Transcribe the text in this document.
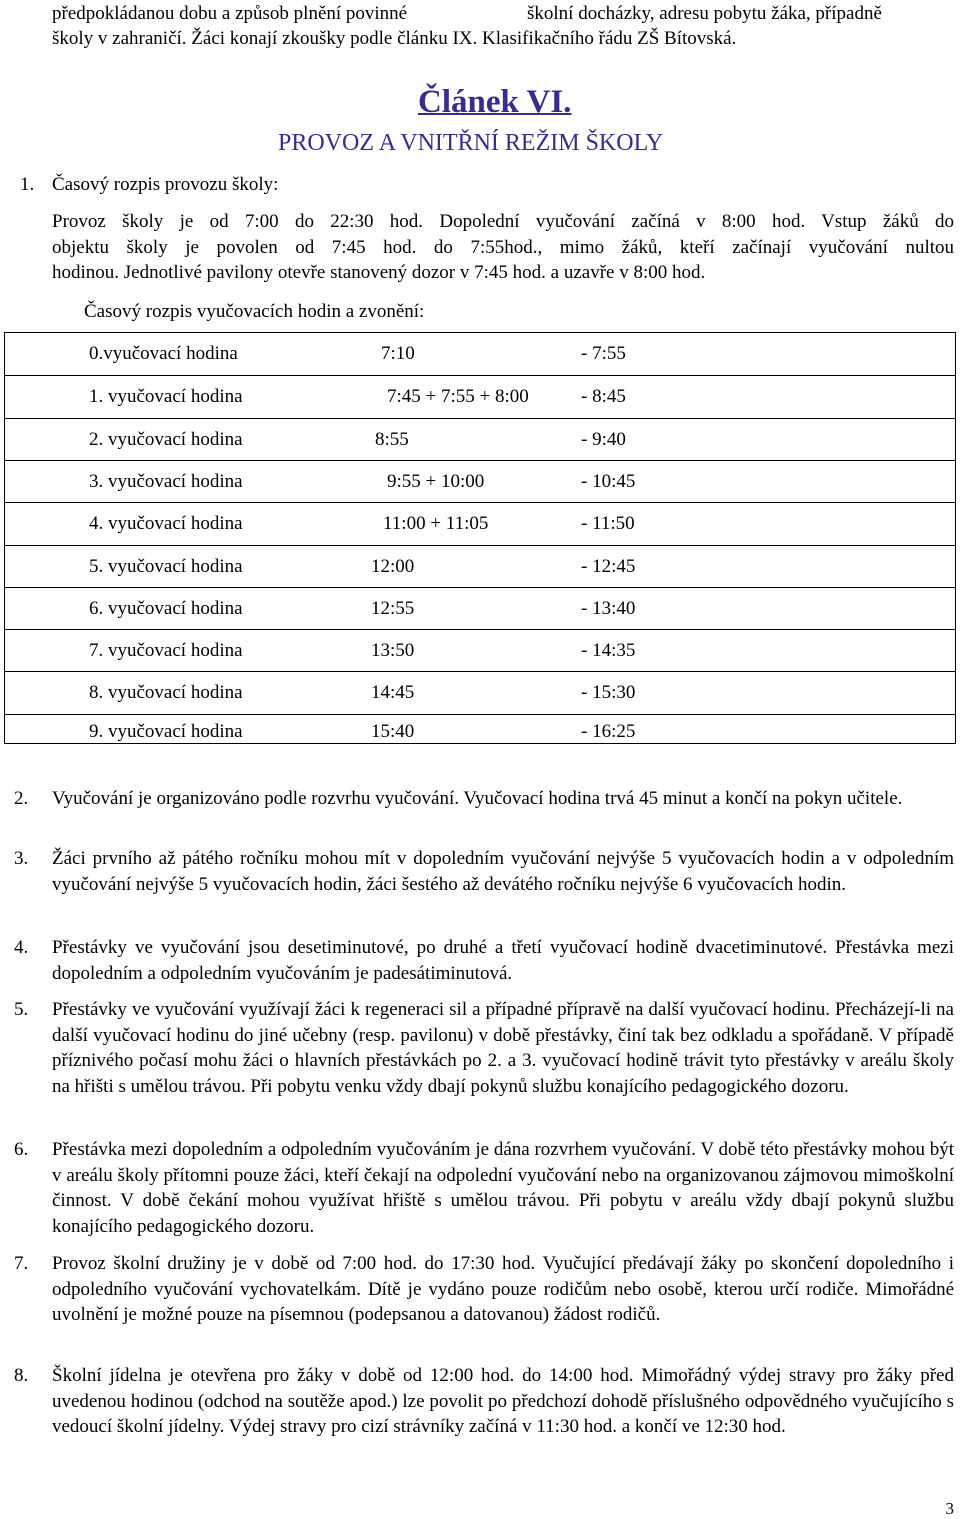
předpokládanou dobu a způsob plnění povinné	školní docházky, adresu pobytu žáka, případně
školy v zahraničí. Žáci konají zkoušky podle článku IX. Klasifikačního řádu ZŠ Bítovská.
Článek VI.
PROVOZ A VNITŘNÍ REŽIM ŠKOLY
1. Časový rozpis provozu školy:
Provoz školy je od 7:00 do 22:30 hod. Dopolední vyučování začíná v 8:00 hod. Vstup žáků do
objektu školy je povolen od 7:45 hod. do 7:55hod., mimo žáků, kteří začínají vyučování nultou
hodinou. Jednotlivé pavilony otevře stanovený dozor v 7:45 hod. a uzavře v 8:00 hod.
Časový rozpis vyučovacích hodin a zvonění:
0.vyučovací hodina	7:10	- 7:55
1. vyučovací hodina	7:45 + 7:55 + 8:00	- 8:45
2. vyučovací hodina	8:55	- 9:40
3. vyučovací hodina	9:55 + 10:00	- 10:45
4. vyučovací hodina	11:00 + 11:05	- 11:50
5. vyučovací hodina	12:00	- 12:45
6. vyučovací hodina	12:55	- 13:40
7. vyučovací hodina	13:50	- 14:35
8. vyučovací hodina	14:45	- 15:30
9. vyučovací hodina	15:40	- 16:25
2. Vyučování je organizováno podle rozvrhu vyučování. Vyučovací hodina trvá 45 minut a končí na pokyn učitele.
3. Žáci prvního až pátého ročníku mohou mít v dopoledním vyučování nejvýše 5 vyučovacích hodin a v odpoledním vyučování nejvýše 5 vyučovacích hodin, žáci šestého až devátého ročníku nejvýše 6 vyučovacích hodin.
4. Přestávky ve vyučování jsou desetiminutové, po druhé a třetí vyučovací hodině dvacetiminutové. Přestávka mezi dopoledním a odpoledním vyučováním je padesátiminutová.
5. Přestávky ve vyučování využívají žáci k regeneraci sil a případné přípravě na další vyučovací hodinu. Přecházejí-li na další vyučovací hodinu do jiné učebny (resp. pavilonu) v době přestávky, činí tak bez odkladu a spořádaně. V případě příznivého počasí mohu žáci o hlavních přestávkách po 2. a 3. vyučovací hodině trávit tyto přestávky v areálu školy na hřišti s umělou trávou. Při pobytu venku vždy dbají pokynů službu konajícího pedagogického dozoru.
6. Přestávka mezi dopoledním a odpoledním vyučováním je dána rozvrhem vyučování. V době této přestávky mohou být v areálu školy přítomni pouze žáci, kteří čekají na odpolední vyučování nebo na organizovanou zájmovou mimoškolní činnost. V době čekání mohou využívat hřiště s umělou trávou. Při pobytu v areálu vždy dbají pokynů službu konajícího pedagogického dozoru.
7. Provoz školní družiny je v době od 7:00 hod. do 17:30 hod. Vyučující předávají žáky po skončení dopoledního i odpoledního vyučování vychovatelkám. Dítě je vydáno pouze rodičům nebo osobě, kterou určí rodiče. Mimořádné uvolnění je možné pouze na písemnou (podepsanou a datovanou) žádost rodičů.
8. Školní jídelna je otevřena pro žáky v době od 12:00 hod. do 14:00 hod. Mimořádný výdej stravy pro žáky před uvedenou hodinou (odchod na soutěže apod.) lze povolit po předchozí dohodě příslušného odpovědného vyučujícího s vedoucí školní jídelny. Výdej stravy pro cizí strávníky začíná v 11:30 hod. a končí ve 12:30 hod.
3
